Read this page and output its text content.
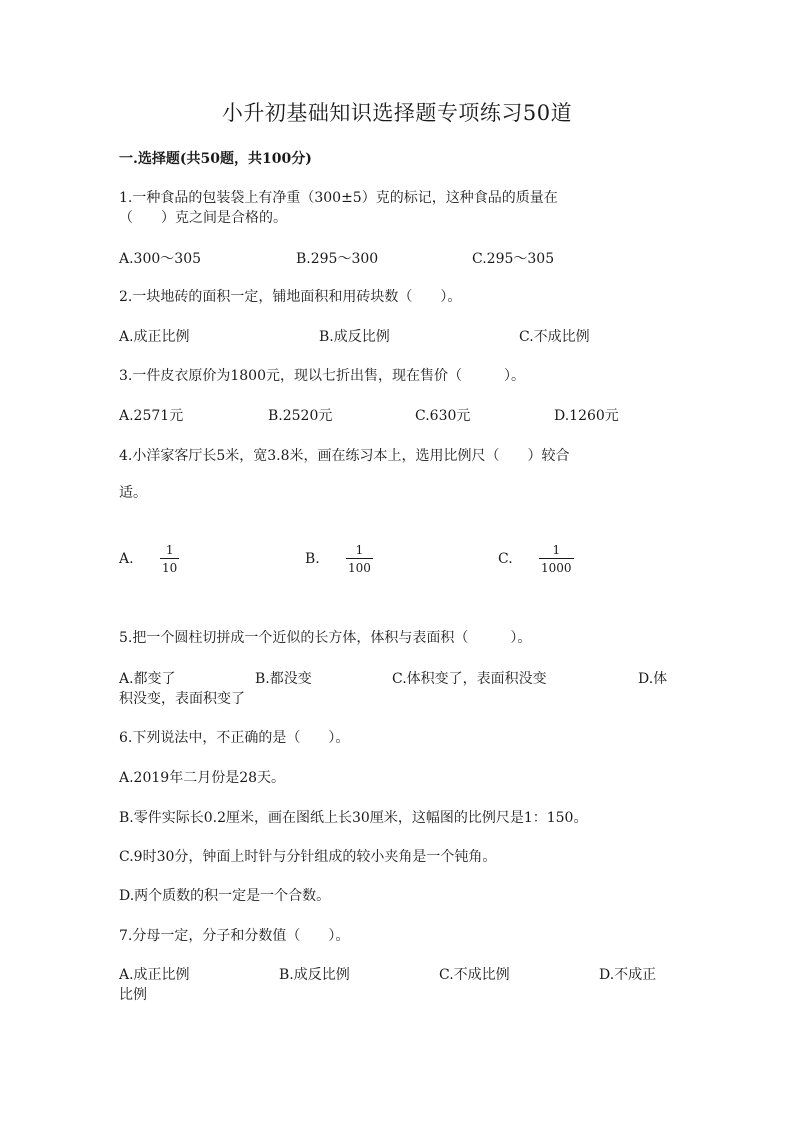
小升初基础知识选择题专项练习50道
一.选择题(共50题，共100分)
1.一种食品的包装袋上有净重（300±5）克的标记，这种食品的质量在
（　　）克之间是合格的。
A.300～305	B.295～300	C.295～305
2.一块地砖的面积一定，铺地面积和用砖块数（　　）。
A.成正比例	B.成反比例	C.不成比例
3.一件皮衣原价为1800元，现以七折出售，现在售价（　　　）。
A.2571元	B.2520元	C.630元	D.1260元
4.小洋家客厅长5米，宽3.8米，画在练习本上，选用比例尺（　　）较合
适。
A.
1
10
B.
1
100
C.
1
1000
5.把一个圆柱切拼成一个近似的长方体，体积与表面积（　　　）。
A.都变了	B.都没变	C.体积变了，表面积没变	D.体
积没变，表面积变了
6.下列说法中，不正确的是（　　）。
A.2019年二月份是28天。
B.零件实际长0.2厘米，画在图纸上长30厘米，这幅图的比例尺是1：150。
C.9时30分，钟面上时针与分针组成的较小夹角是一个钝角。
D.两个质数的积一定是一个合数。
7.分母一定，分子和分数值（　　）。
A.成正比例	B.成反比例	C.不成比例	D.不成正
比例
